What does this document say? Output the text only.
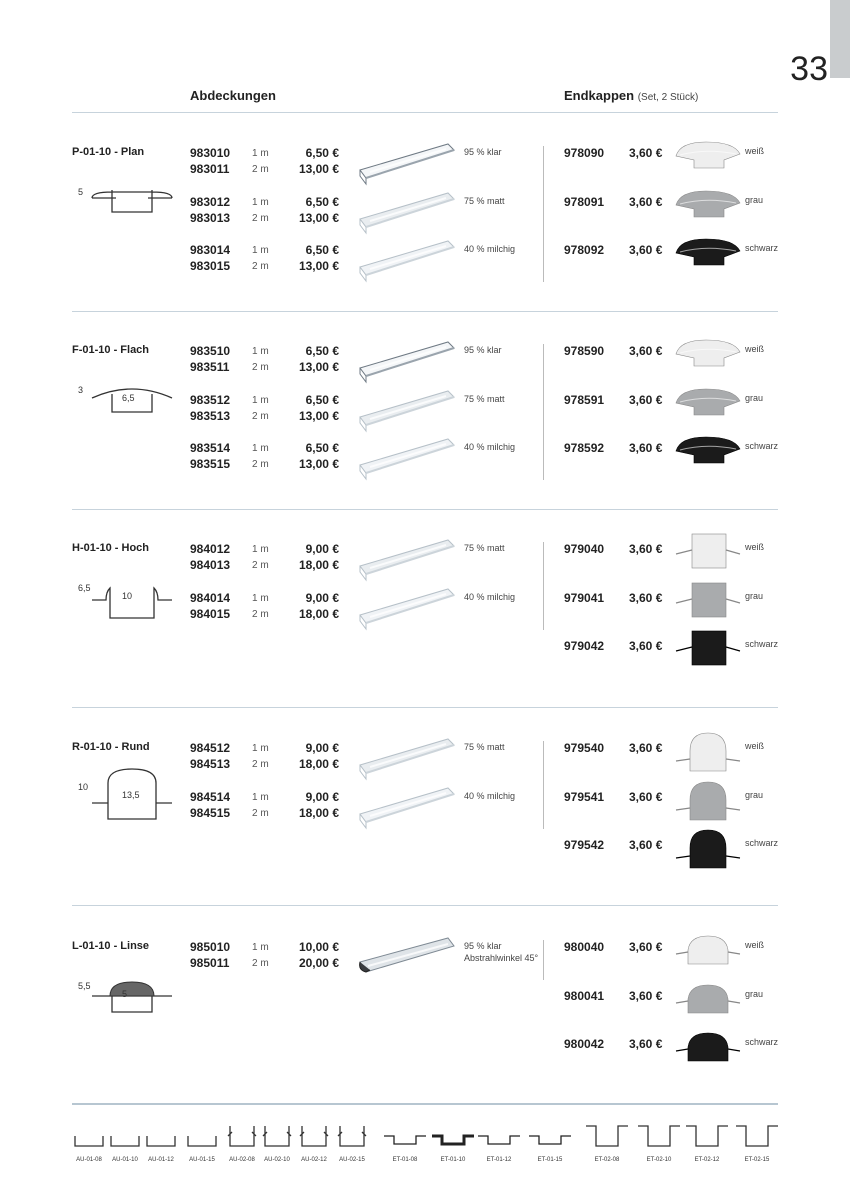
33
Abdeckungen	Endkappen (Set, 2 Stück)
P-01-10 - Plan
5
983010 1 m	6,50 €
983011 2 m	13,00 €
95 % klar
983012 1 m	6,50 €
983013 2 m	13,00 €
75 % matt
983014 1 m	6,50 €
983015 2 m	13,00 €
40 % milchig
978090 3,60 €	weiß
978091 3,60 €	grau
978092 3,60 €	schwarz
F-01-10 - Flach
3
6,5
983510 1 m	6,50 €
983511 2 m	13,00 €
95 % klar
983512 1 m	6,50 €
983513 2 m	13,00 €
75 % matt
983514 1 m	6,50 €
983515 2 m	13,00 €
40 % milchig
978590 3,60 €	weiß
978591 3,60 €	grau
978592 3,60 €	schwarz
H-01-10 - Hoch
6,5
10
984012 1 m	9,00 €
984013 2 m	18,00 €
75 % matt
984014 1 m	9,00 €
984015 2 m	18,00 €
40 % milchig
979040 3,60 €	weiß
979041 3,60 €	grau
979042 3,60 €	schwarz
R-01-10 - Rund
10
13,5
984512 1 m	9,00 €
984513 2 m	18,00 €
75 % matt
984514 1 m	9,00 €
984515 2 m	18,00 €
40 % milchig
979540 3,60 €	weiß
979541 3,60 €	grau
979542 3,60 €	schwarz
L-01-10 - Linse
5,5
5
985010 1 m	10,00 €
985011 2 m	20,00 €
95 % klar
Abstrahlwinkel 45°
980040 3,60 €	weiß
980041 3,60 €	grau
980042 3,60 €	schwarz
AU-01-08	AU-01-10	AU-01-12	AU-01-15	AU-02-08	AU-02-10	AU-02-12	AU-02-15	ET-01-08	ET-01-10	ET-01-12	ET-01-15	ET-02-08	ET-02-10	ET-02-12	ET-02-15
